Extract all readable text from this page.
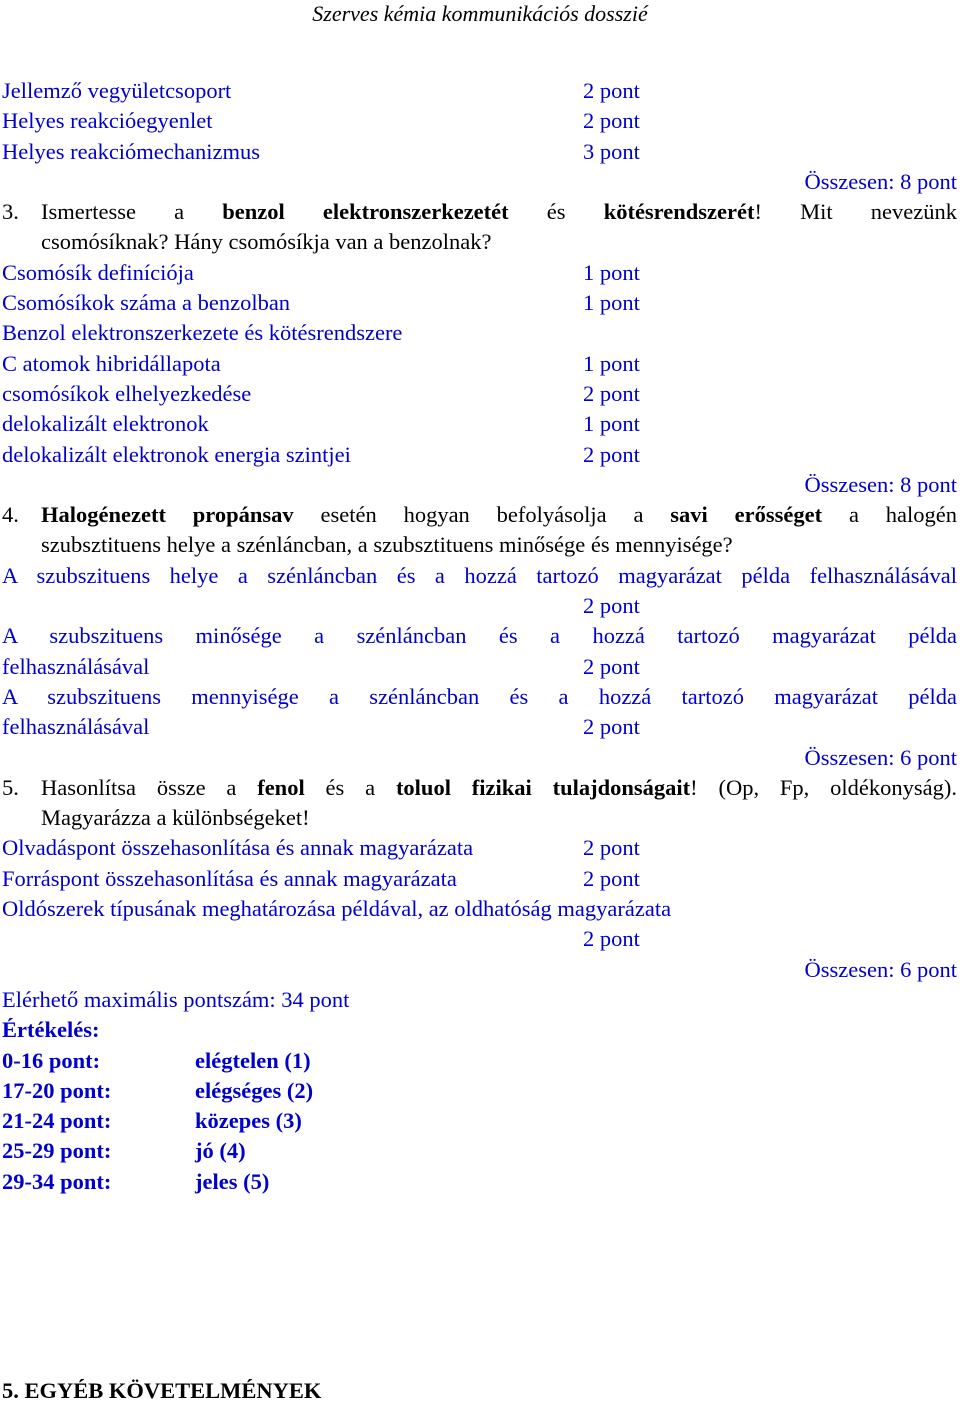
Szerves kémia kommunikációs dosszié
Jellemző vegyületcsoport	2 pont
Helyes reakcióegyenlet	2 pont
Helyes reakciómechanizmus	3 pont
Összesen: 8 pont
3. Ismertesse a benzol elektronszerkezetét és kötésrendszerét! Mit nevezünk
csomósíknak? Hány csomósíkja van a benzolnak?
Csomósík definíciója	1 pont
Csomósíkok száma a benzolban	1 pont
Benzol elektronszerkezete és kötésrendszere
C atomok hibridállapota	1 pont
csomósíkok elhelyezkedése	2 pont
delokalizált elektronok	1 pont
delokalizált elektronok energia szintjei	2 pont
Összesen: 8 pont
4. Halogénezett propánsav esetén hogyan befolyásolja a savi erősséget a halogén
szubsztituens helye a szénláncban, a szubsztituens minősége és mennyisége?
A szubszituens helye a szénláncban és a hozzá tartozó magyarázat példa felhasználásával
2 pont
A szubszituens minősége a szénláncban és a hozzá tartozó magyarázat példa
felhasználásával	2 pont
A szubszituens mennyisége a szénláncban és a hozzá tartozó magyarázat példa
felhasználásával	2 pont
Összesen: 6 pont
5. Hasonlítsa össze a fenol és a toluol fizikai tulajdonságait! (Op, Fp, oldékonyság).
Magyarázza a különbségeket!
Olvadáspont összehasonlítása és annak magyarázata	2 pont
Forráspont összehasonlítása és annak magyarázata	2 pont
Oldószerek típusának meghatározása példával, az oldhatóság magyarázata
2 pont
Összesen: 6 pont
Elérhető maximális pontszám: 34 pont
Értékelés:
0-16 pont:	elégtelen (1)
17-20 pont:	elégséges (2)
21-24 pont:	közepes (3)
25-29 pont:	jó (4)
29-34 pont:	jeles (5)
5. EGYÉB KÖVETELMÉNYEK
